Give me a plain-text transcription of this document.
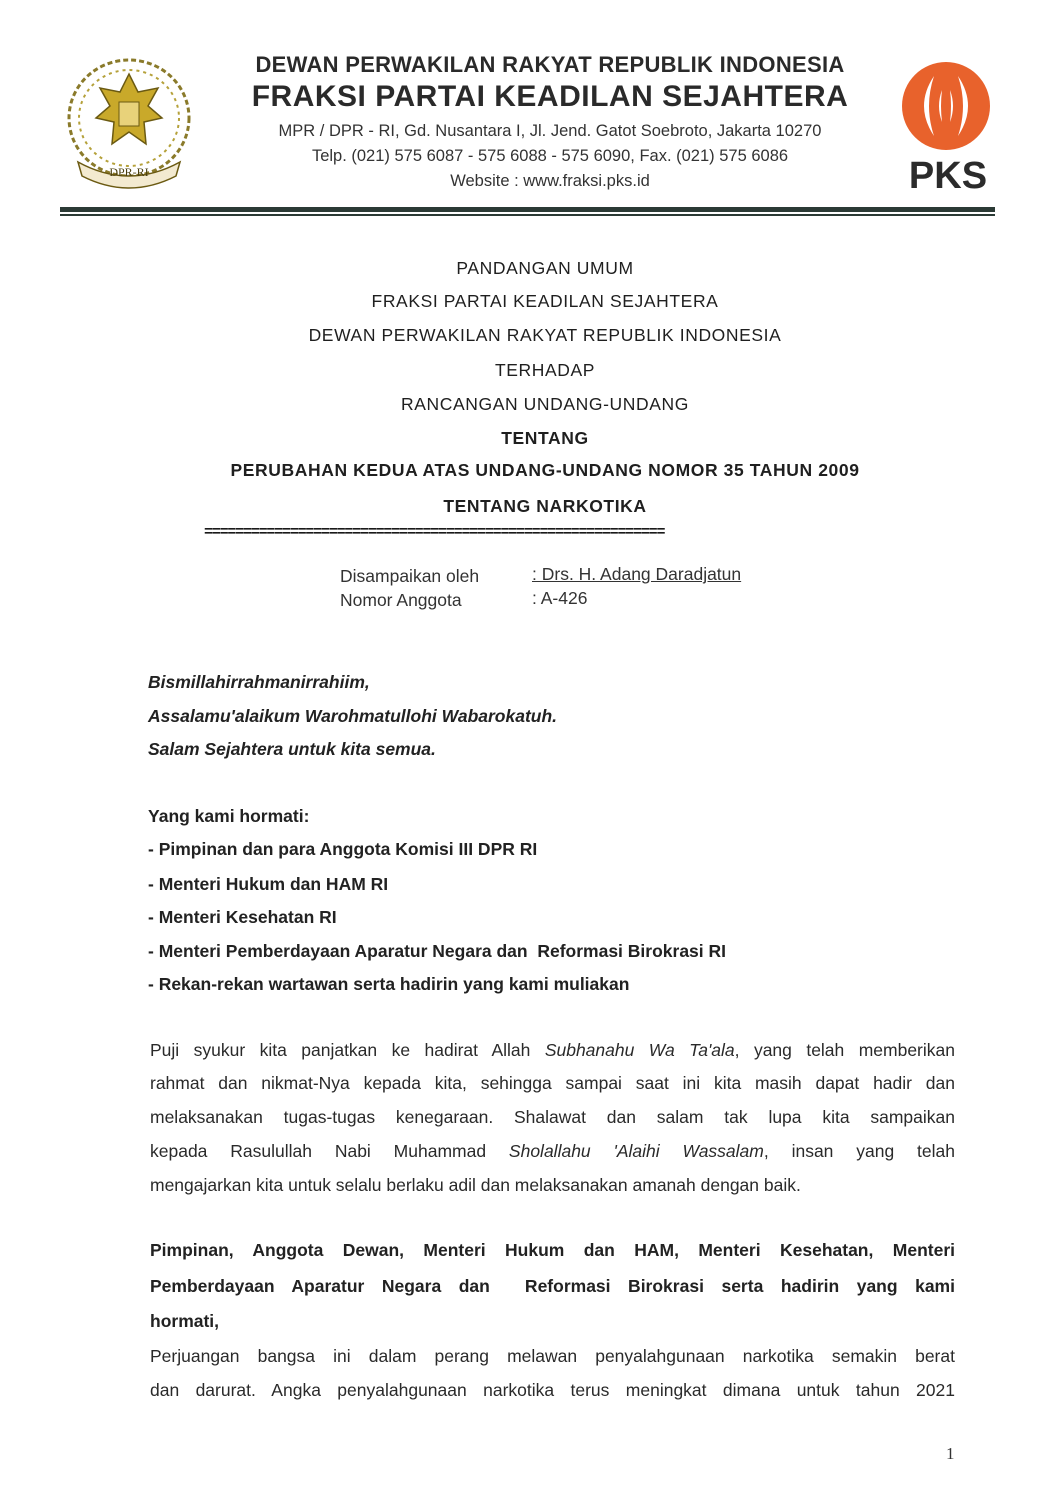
DPR-RI
DEWAN PERWAKILAN RAKYAT REPUBLIK INDONESIA
FRAKSI PARTAI KEADILAN SEJAHTERA
MPR / DPR - RI, Gd. Nusantara I, Jl. Jend. Gatot Soebroto, Jakarta 10270
Telp. (021) 575 6087 - 575 6088 - 575 6090, Fax. (021) 575 6086
Website : www.fraksi.pks.id	PKS
PANDANGAN UMUM
FRAKSI PARTAI KEADILAN SEJAHTERA
DEWAN PERWAKILAN RAKYAT REPUBLIK INDONESIA
TERHADAP
RANCANGAN UNDANG-UNDANG
TENTANG
PERUBAHAN KEDUA ATAS UNDANG-UNDANG NOMOR 35 TAHUN 2009
TENTANG NARKOTIKA
===========================================================
Disampaikan oleh	: Drs. H. Adang Daradjatun
Nomor Anggota	: A-426
Bismillahirrahmanirrahiim,
Assalamu'alaikum Warohmatullohi Wabarokatuh.
Salam Sejahtera untuk kita semua.
Yang kami hormati:
- Pimpinan dan para Anggota Komisi III DPR RI
- Menteri Hukum dan HAM RI
- Menteri Kesehatan RI
- Menteri Pemberdayaan Aparatur Negara dan  Reformasi Birokrasi RI
- Rekan-rekan wartawan serta hadirin yang kami muliakan
Puji syukur kita panjatkan ke hadirat Allah Subhanahu Wa Ta'ala, yang telah memberikan
rahmat dan nikmat-Nya kepada kita, sehingga sampai saat ini kita masih dapat hadir dan
melaksanakan tugas-tugas kenegaraan. Shalawat dan salam tak lupa kita sampaikan
kepada Rasulullah Nabi Muhammad Sholallahu 'Alaihi Wassalam, insan yang telah
mengajarkan kita untuk selalu berlaku adil dan melaksanakan amanah dengan baik.
Pimpinan, Anggota Dewan, Menteri Hukum dan HAM, Menteri Kesehatan, Menteri
Pemberdayaan Aparatur Negara dan  Reformasi Birokrasi serta hadirin yang kami
hormati,
Perjuangan bangsa ini dalam perang melawan penyalahgunaan narkotika semakin berat
dan darurat. Angka penyalahgunaan narkotika terus meningkat dimana untuk tahun 2021
1
